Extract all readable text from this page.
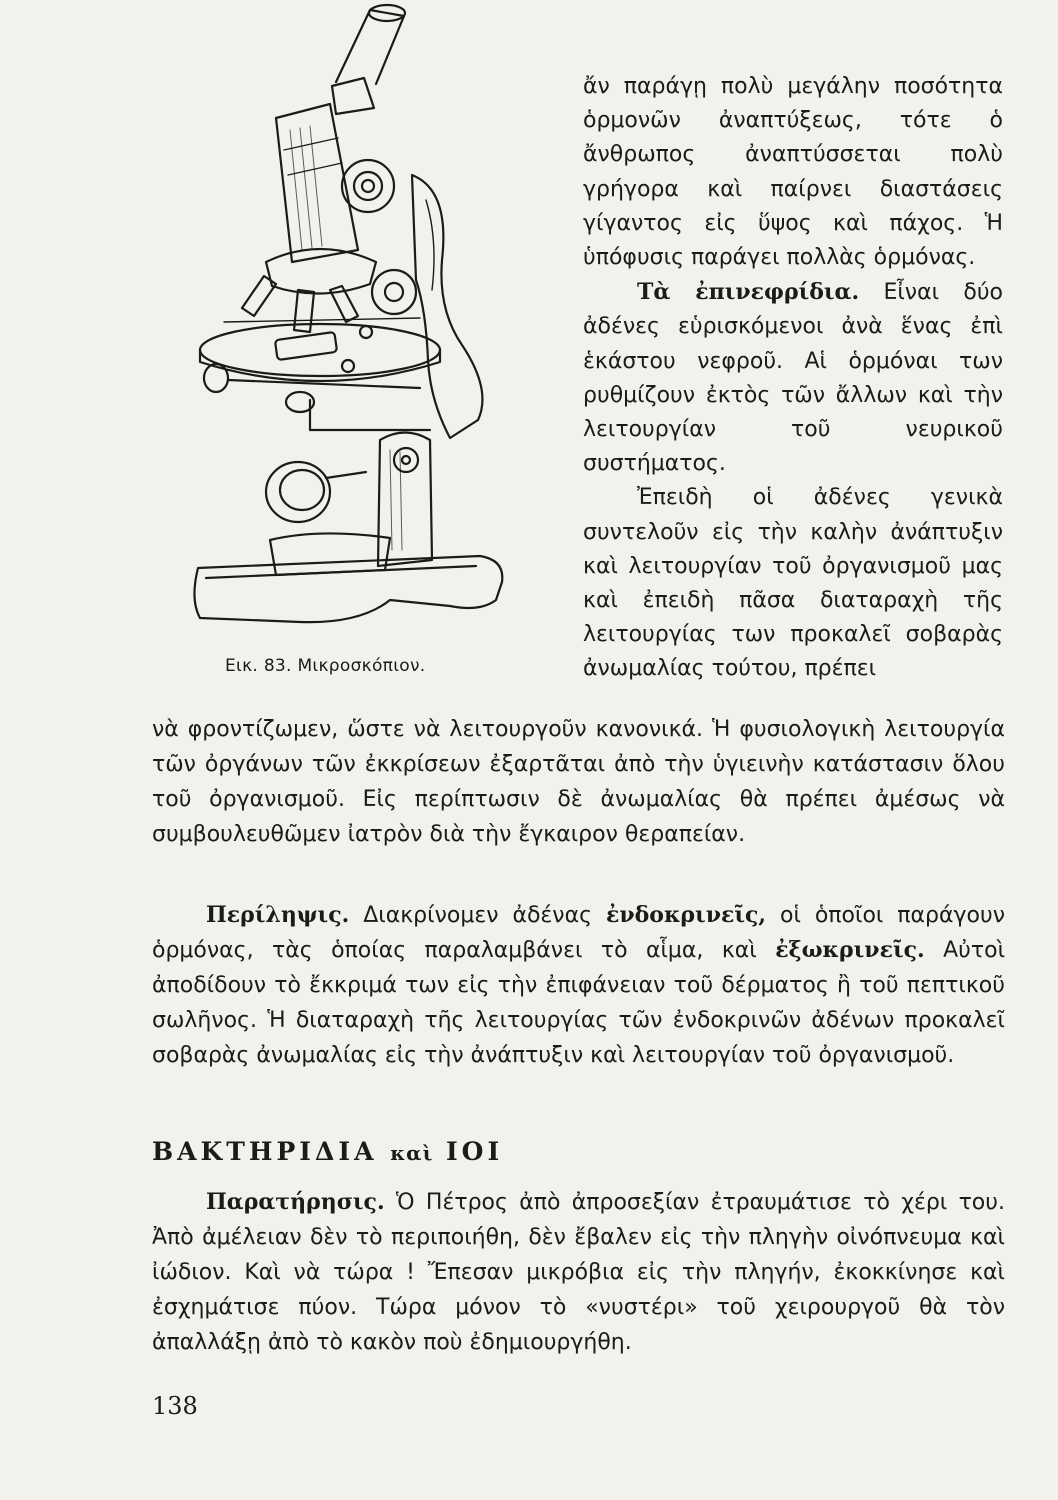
Εικ. 83. Μικροσκόπιον.

ἄν παράγῃ πολὺ μεγάλην ποσότητα ὁρμονῶν ἀναπτύξεως, τότε ὁ ἄνθρωπος ἀναπτύσσεται πολὺ γρήγορα καὶ παίρνει διαστάσεις γίγαντος εἰς ὕψος καὶ πάχος. Ἡ ὑπόφυσις παράγει πολλὰς ὁρμόνας.

Τὰ ἐπινεφρίδια. Εἶναι δύο ἀδένες εὑρισκόμενοι ἀνὰ ἕνας ἐπὶ ἑκάστου νεφροῦ. Αἱ ὁρμόναι των ρυθμίζουν ἐκτὸς τῶν ἄλλων καὶ τὴν λειτουργίαν τοῦ νευρικοῦ συστήματος.

Ἐπειδὴ οἱ ἀδένες γενικὰ συντελοῦν εἰς τὴν καλὴν ἀνάπτυξιν καὶ λειτουργίαν τοῦ ὀργανισμοῦ μας καὶ ἐπειδὴ πᾶσα διαταραχὴ τῆς λειτουργίας των προκαλεῖ σοβαρὰς ἀνωμαλίας τούτου, πρέπει

νὰ φροντίζωμεν, ὥστε νὰ λειτουργοῦν κανονικά. Ἡ φυσιολογικὴ λειτουργία τῶν ὀργάνων τῶν ἐκκρίσεων ἐξαρτᾶται ἀπὸ τὴν ὑγιεινὴν κατάστασιν ὅλου τοῦ ὀργανισμοῦ. Εἰς περίπτωσιν δὲ ἀνωμαλίας θὰ πρέπει ἀμέσως νὰ συμβουλευθῶμεν ἰατρὸν διὰ τὴν ἔγκαιρον θεραπείαν.

Περίληψις. Διακρίνομεν ἀδένας ἐνδοκρινεῖς, οἱ ὁποῖοι παράγουν ὁρμόνας, τὰς ὁποίας παραλαμβάνει τὸ αἷμα, καὶ ἐξωκρινεῖς. Αὐτοὶ ἀποδίδουν τὸ ἔκκριμά των εἰς τὴν ἐπιφάνειαν τοῦ δέρματος ἢ τοῦ πεπτικοῦ σωλῆνος. Ἡ διαταραχὴ τῆς λειτουργίας τῶν ἐνδοκρινῶν ἀδένων προκαλεῖ σοβαρὰς ἀνωμαλίας εἰς τὴν ἀνάπτυξιν καὶ λειτουργίαν τοῦ ὀργανισμοῦ.

ΒΑΚΤΗΡΙΔΙΑ καὶ ΙΟΙ

Παρατήρησις. Ὁ Πέτρος ἀπὸ ἀπροσεξίαν ἐτραυμάτισε τὸ χέρι του. Ἀπὸ ἀμέλειαν δὲν τὸ περιποιήθη, δὲν ἔβαλεν εἰς τὴν πληγὴν οἰνόπνευμα καὶ ἰώδιον. Καὶ νὰ τώρα ! Ἔπεσαν μικρόβια εἰς τὴν πληγήν, ἐκοκκίνησε καὶ ἐσχημάτισε πύον. Τώρα μόνον τὸ «νυστέρι» τοῦ χειρουργοῦ θὰ τὸν ἀπαλλάξῃ ἀπὸ τὸ κακὸν ποὺ ἐδημιουργήθη.

138
